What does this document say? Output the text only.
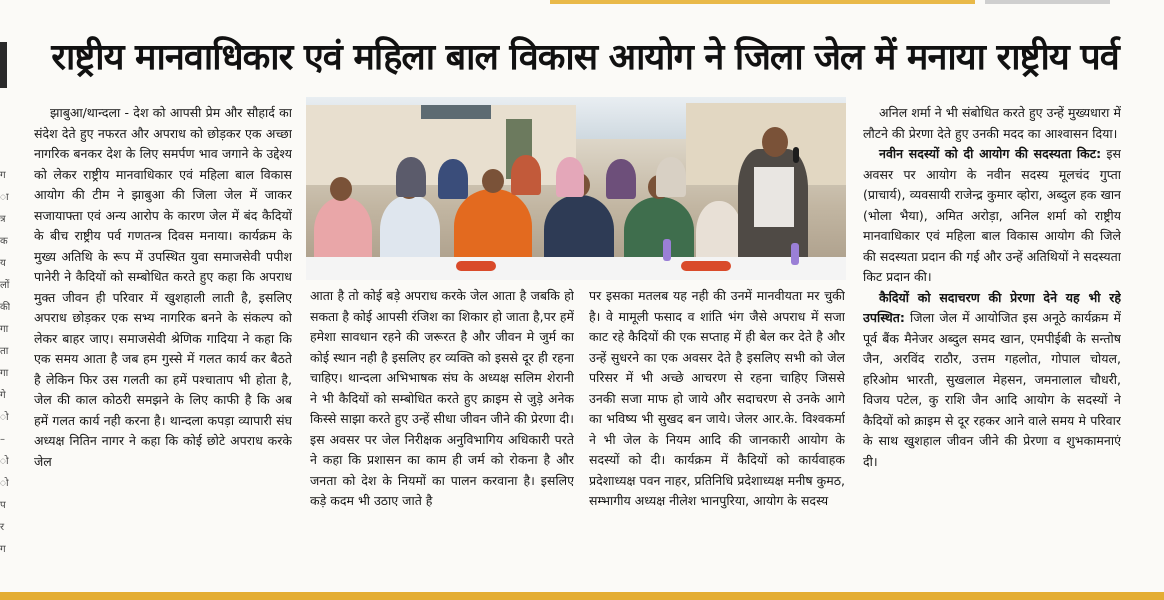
राष्ट्रीय मानवाधिकार एवं महिला बाल विकास आयोग ने जिला जेल में मनाया राष्ट्रीय पर्व
ग
ा
त्र
क
य
लों
की
गा
ता
गा
गे
ो
–
ो
ो
प
र
ग

झाबुआ/थान्दला - देश को आपसी प्रेम और सौहार्द का संदेश देते हुए नफरत और अपराध को छोड़कर एक अच्छा नागरिक बनकर देश के लिए समर्पण भाव जगाने के उद्देश्य को लेकर राष्ट्रीय मानवाधिकार एवं महिला बाल विकास आयोग की टीम ने झाबुआ की जिला जेल में जाकर सजायाफ्ता एवं अन्य आरोप के कारण जेल में बंद कैदियों के बीच राष्ट्रीय पर्व गणतन्त्र दिवस मनाया। कार्यक्रम के मुख्य अतिथि के रूप में उपस्थित युवा समाजसेवी पपीश पानेरी ने कैदियों को सम्बोधित करते हुए कहा कि अपराध मुक्त जीवन ही परिवार में खुशहाली लाती है, इसलिए अपराध छोड़कर एक सभ्य नागरिक बनने के संकल्प को लेकर बाहर जाए। समाजसेवी श्रेणिक गादिया ने कहा कि एक समय आता है जब हम गुस्से में गलत कार्य कर बैठते है लेकिन फिर उस गलती का हमें पश्चाताप भी होता है, जेल की काल कोठरी समझने के लिए काफी है कि अब हमें गलत कार्य नही करना है। थान्दला कपड़ा व्यापारी संघ अध्यक्ष नितिन नागर ने कहा कि कोई छोटे अपराध करके जेल

आता है तो कोई बड़े अपराध करके जेल आता है जबकि हो सकता है कोई आपसी रंजिश का शिकार हो जाता है,पर हमें हमेशा सावधान रहने की जरूरत है और जीवन मे जुर्म का कोई स्थान नही है इसलिए हर व्यक्ति को इससे दूर ही रहना चाहिए। थान्दला अभिभाषक संघ के अध्यक्ष सलिम शेरानी ने भी कैदियों को सम्बोधित करते हुए क्राइम से जुड़े अनेक किस्से साझा करते हुए उन्हें सीधा जीवन जीने की प्रेरणा दी। इस अवसर पर जेल निरीक्षक अनुविभागिय अधिकारी परते ने कहा कि प्रशासन का काम ही जर्म को रोकना है और जनता को देश के नियमों का पालन करवाना है। इसलिए कड़े कदम भी उठाए जाते है

पर इसका मतलब यह नही की उनमें मानवीयता मर चुकी है। वे मामूली फसाद व शांति भंग जैसे अपराध में सजा काट रहे कैदियों की एक सप्ताह में ही बेल कर देते है और उन्हें सुधरने का एक अवसर देते है इसलिए सभी को जेल परिसर में भी अच्छे आचरण से रहना चाहिए जिससे उनकी सजा माफ हो जाये और सदाचरण से उनके आगे का भविष्य भी सुखद बन जाये। जेलर आर.के. विश्वकर्मा ने भी जेल के नियम आदि की जानकारी आयोग के सदस्यों को दी। कार्यक्रम में कैदियों को कार्यवाहक प्रदेशाध्यक्ष पवन नाहर, प्रतिनिधि प्रदेशाध्यक्ष मनीष कुमठ, सम्भागीय अध्यक्ष नीलेश भानपुरिया, आयोग के सदस्य

अनिल शर्मा ने भी संबोधित करते हुए उन्हें मुख्यधारा में लौटने की प्रेरणा देते हुए उनकी मदद का आश्वासन दिया।

नवीन सदस्यों को दी आयोग की सदस्यता किट: इस अवसर पर आयोग के नवीन सदस्य मूलचंद गुप्ता (प्राचार्य), व्यवसायी राजेन्द्र कुमार व्होरा, अब्दुल हक खान (भोला भैया), अमित अरोड़ा, अनिल शर्मा को राष्ट्रीय मानवाधिकार एवं महिला बाल विकास आयोग की जिले की सदस्यता प्रदान की गई और उन्हें अतिथियों ने सदस्यता किट प्रदान की।

कैदियों को सदाचरण की प्रेरणा देने यह भी रहे उपस्थित: जिला जेल में आयोजित इस अनूठे कार्यक्रम में पूर्व बैंक मैनेजर अब्दुल समद खान, एमपीईबी के सन्तोष जैन, अरविंद राठौर, उत्तम गहलोत, गोपाल चोयल, हरिओम भारती, सुखलाल मेहसन, जमनालाल चौधरी, विजय पटेल, कु राशि जैन आदि आयोग के सदस्यों ने कैदियों को क्राइम से दूर रहकर आने वाले समय मे परिवार के साथ खुशहाल जीवन जीने की प्रेरणा व शुभकामनाएं दी।
